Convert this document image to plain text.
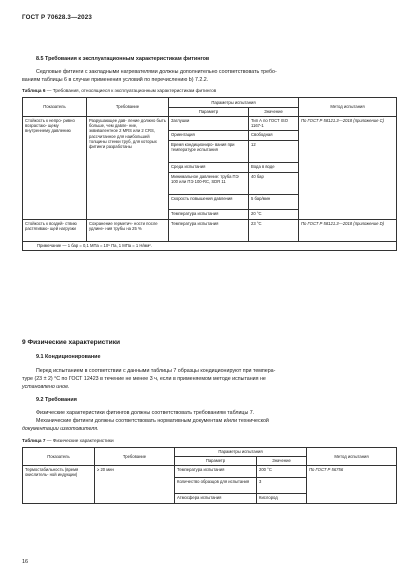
ГОСТ Р 70628.3—2023
8.5 Требования к эксплуатационным характеристикам фитингов
Седловые фитинги с закладными нагревателями должны дополнительно соответствовать требо-
ваниям таблицы 6 в случае применения условий по перечислению b) 7.2.2.
Таблица 6 — Требования, относящиеся к эксплуатационным характеристикам фитингов
Показатель	Требование	Параметры испытания		Метод испытания
		Параметр	Значение	
Стойкость к непро- ривно возрастаю- щему внутреннему давлению	Разрушающее дав- ление должно быть больше, чем давле- ние, эквивалентное 2 MRS или 2 CRS, рассчитанное для наибольшей толщины стенки труб, для которых фитинги разработаны	Заглушки	Тип А по ГОСТ ISO 1167-1	По ГОСТ Р 58121.3—2018 (приложение С)
		Ориентация	Свободная	
		Время кондициониро- вания при температуре испытания	12	
		Среда испытания	Вода в воде	
		Минимальное давление: труба ПЭ 100 или ПЭ 100-RC, SDR 11	40 бар	
		Скорость повышения давления	5 бар/мин	
		Температура испытания	20 °С	
Стойкость к воздей- ствию растягиваю- щей нагрузки	Сохранение герметич- ности после удлине- ния трубы на 25 %	Температура испытания	23 °С	По ГОСТ Р 58121.3—2018 (приложение D)
Примечание — 1 бар = 0,1 МПа = 10⁵ Па, 1 МПа = 1 Н/мм².				
9 Физические характеристики
9.1 Кондиционирование
Перед испытанием в соответствии с данными таблицы 7 образцы кондиционируют при темпера-
туре (23 ± 2) °С по ГОСТ 12423 в течение не менее 3 ч, если в применяемом методе испытания не
установлено иное.
9.2 Требования
Физические характеристики фитингов должны соответствовать требованиям таблицы 7.
Механические фитинги должны соответствовать нормативным документам и/или технической
документации изготовителя.
Таблица 7 — Физические характеристики
Показатель	Требование	Параметры испытания		Метод испытания
		Параметр	Значение	
Термостабильность (время окислитель- ной индукции)	≥ 20 мин	Температура испытания	200 °С	По ГОСТ Р 56756
		Количество образцов для испытания	3	
		Атмосфера испытания	Кислород	
16
